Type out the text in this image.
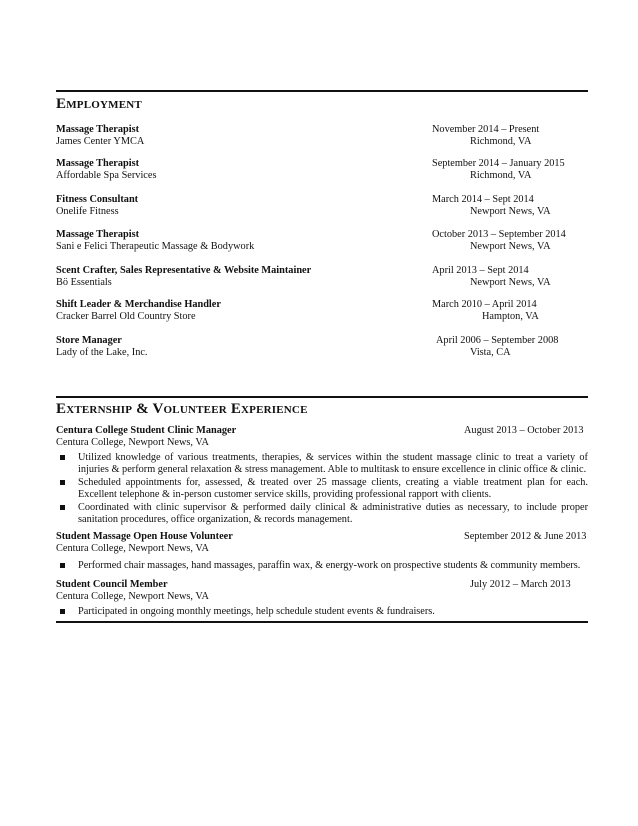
Employment
Massage Therapist
James Center YMCA
November 2014 – Present
Richmond, VA
Massage Therapist
Affordable Spa Services
September 2014 – January 2015
Richmond, VA
Fitness Consultant
Onelife Fitness
March 2014 – Sept 2014
Newport News, VA
Massage Therapist
Sani e Felici Therapeutic Massage & Bodywork
October 2013 – September 2014
Newport News, VA
Scent Crafter, Sales Representative & Website Maintainer
Bö Essentials
April 2013 – Sept 2014
Newport News, VA
Shift Leader & Merchandise Handler
Cracker Barrel Old Country Store
March 2010 – April 2014
Hampton, VA
Store Manager
Lady of the Lake, Inc.
April 2006 – September 2008
Vista, CA
Externship & Volunteer Experience
Centura College Student Clinic Manager
Centura College, Newport News, VA
August 2013 – October 2013
Utilized knowledge of various treatments, therapies, & services within the student massage clinic to treat a variety of injuries & perform general relaxation & stress management. Able to multitask to ensure excellence in clinic office & clinic.
Scheduled appointments for, assessed, & treated over 25 massage clients, creating a viable treatment plan for each. Excellent telephone & in-person customer service skills, providing professional rapport with clients.
Coordinated with clinic supervisor & performed daily clinical & administrative duties as necessary, to include proper sanitation procedures, office organization, & records management.
Student Massage Open House Volunteer
Centura College, Newport News, VA
September 2012 & June 2013
Performed chair massages, hand massages, paraffin wax, & energy-work on prospective students & community members.
Student Council Member
Centura College, Newport News, VA
July 2012 – March 2013
Participated in ongoing monthly meetings, help schedule student events & fundraisers.
